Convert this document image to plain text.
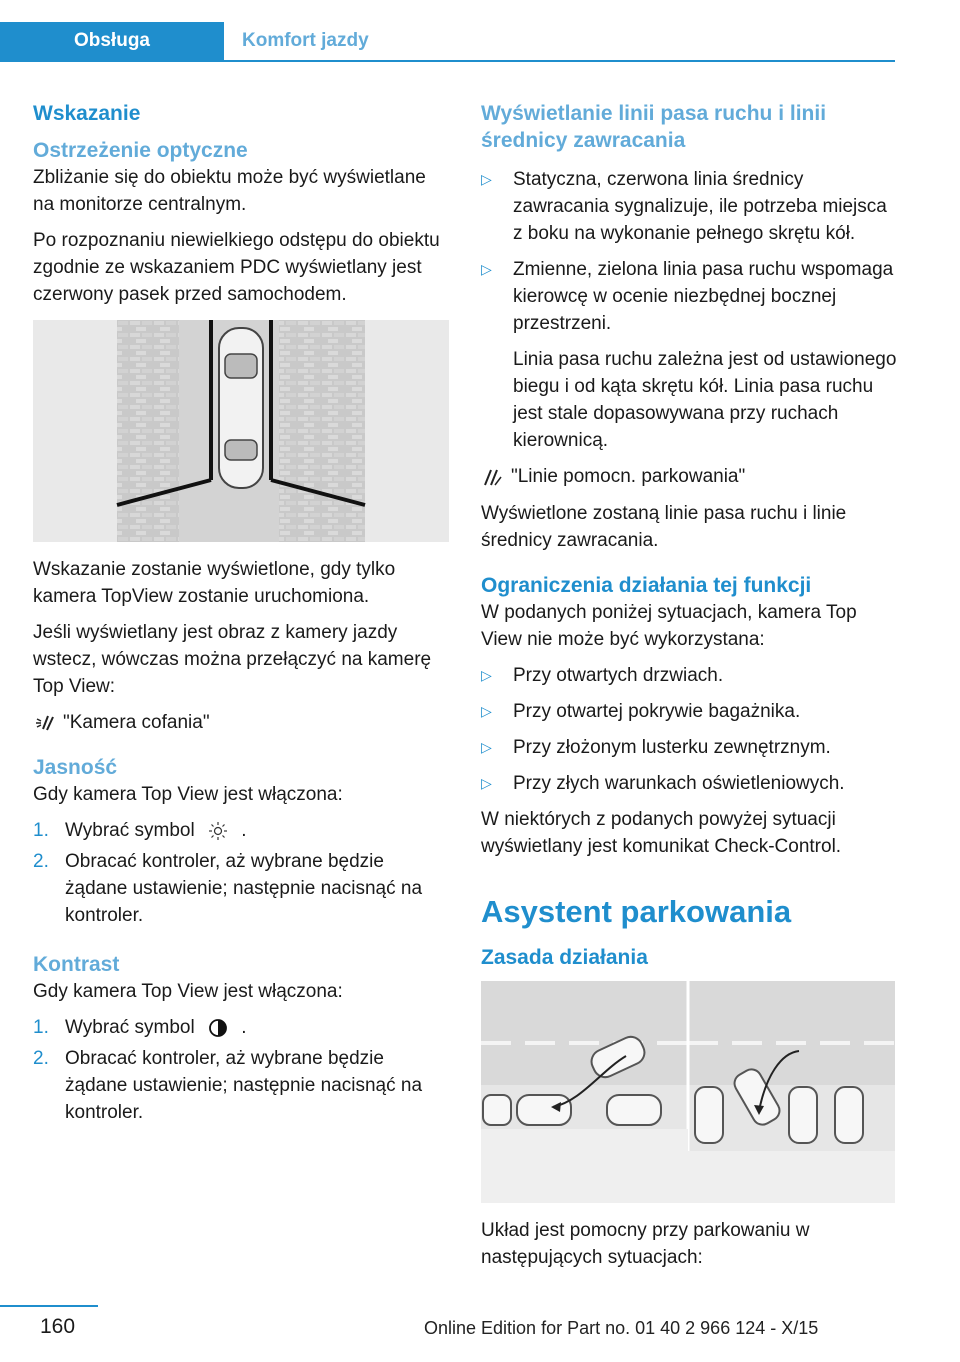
Obsługa	Komfort jazdy
Wskazanie
Ostrzeżenie optyczne

Zbliżanie się do obiektu może być wyświetlane na monitorze centralnym.

Po rozpoznaniu niewielkiego odstępu do obiektu zgodnie ze wskazaniem PDC wyświetlany jest czerwony pasek przed samochodem.

Wskazanie zostanie wyświetlone, gdy tylko kamera TopView zostanie uruchomiona.

Jeśli wyświetlany jest obraz z kamery jazdy wstecz, wówczas można przełączyć na kamerę Top View:

"Kamera cofania"
Jasność

Gdy kamera Top View jest włączona:

1. Wybrać symbol .
2. Obracać kontroler, aż wybrane będzie żądane ustawienie; następnie nacisnąć na kontroler.
Kontrast

Gdy kamera Top View jest włączona:

1. Wybrać symbol .
2. Obracać kontroler, aż wybrane będzie żądane ustawienie; następnie nacisnąć na kontroler.
Wyświetlanie linii pasa ruchu i linii średnicy zawracania
▷ Statyczna, czerwona linia średnicy zawracania sygnalizuje, ile potrzeba miejsca z boku na wykonanie pełnego skrętu kół.
▷ Zmienne, zielona linia pasa ruchu wspomaga kierowcę w ocenie niezbędnej bocznej przestrzeni.

Linia pasa ruchu zależna jest od ustawionego biegu i od kąta skrętu kół. Linia pasa ruchu jest stale dopasowywana przy ruchach kierownicą.

"Linie pomocn. parkowania"

Wyświetlone zostaną linie pasa ruchu i linie średnicy zawracania.

Ograniczenia działania tej funkcji

W podanych poniżej sytuacjach, kamera Top View nie może być wykorzystana:

▷ Przy otwartych drzwiach.
▷ Przy otwartej pokrywie bagażnika.
▷ Przy złożonym lusterku zewnętrznym.
▷ Przy złych warunkach oświetleniowych.

W niektórych z podanych powyżej sytuacji wyświetlany jest komunikat Check-Control.

Asystent parkowania
Zasada działania

Układ jest pomocny przy parkowaniu w następujących sytuacjach:

160	Online Edition for Part no. 01 40 2 966 124 - X/15
